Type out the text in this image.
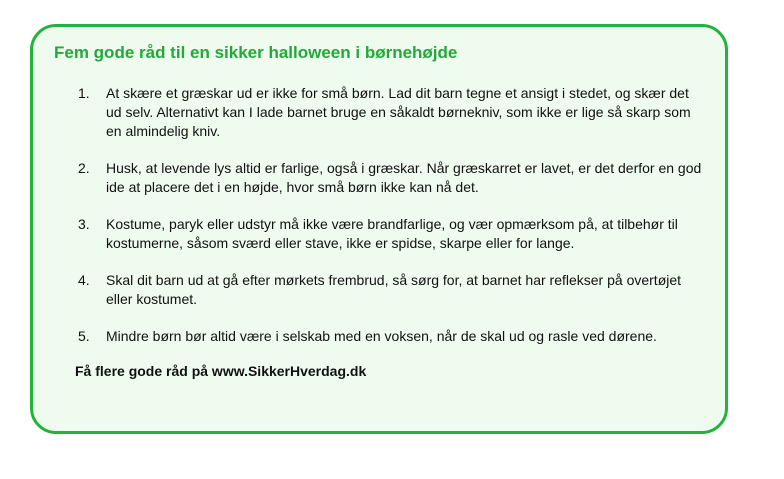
Fem gode råd til en sikker halloween i børnehøjde
1. At skære et græskar ud er ikke for små børn. Lad dit barn tegne et ansigt i stedet, og skær det ud selv. Alternativt kan I lade barnet bruge en såkaldt børnekniv, som ikke er lige så skarp som en almindelig kniv.
2. Husk, at levende lys altid er farlige, også i græskar. Når græskarret er lavet, er det derfor en god ide at placere det i en højde, hvor små børn ikke kan nå det.
3. Kostume, paryk eller udstyr må ikke være brandfarlige, og vær opmærksom på, at tilbehør til kostumerne, såsom sværd eller stave, ikke er spidse, skarpe eller for lange.
4. Skal dit barn ud at gå efter mørkets frembrud, så sørg for, at barnet har reflekser på overtøjet eller kostumet.
5. Mindre børn bør altid være i selskab med en voksen, når de skal ud og rasle ved dørene.

Få flere gode råd på www.SikkerHverdag.dk
